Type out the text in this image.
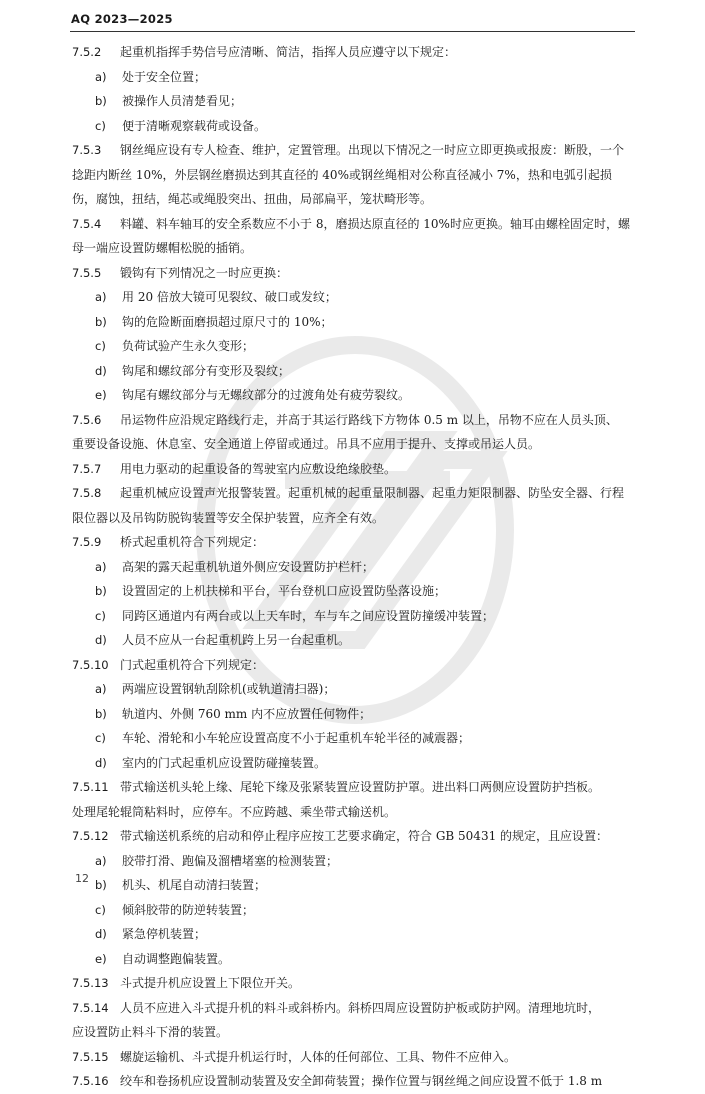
AQ 2023—2025
7.5.2 起重机指挥手势信号应清晰、简洁，指挥人员应遵守以下规定：
a) 处于安全位置；
b) 被操作人员清楚看见；
c) 便于清晰观察载荷或设备。
7.5.3 钢丝绳应设有专人检查、维护，定置管理。出现以下情况之一时应立即更换或报废：断股，一个
捻距内断丝 10%，外层钢丝磨损达到其直径的 40%或钢丝绳相对公称直径减小 7%，热和电弧引起损
伤，腐蚀，扭结，绳芯或绳股突出、扭曲，局部扁平，笼状畸形等。
7.5.4 料罐、料车轴耳的安全系数应不小于 8，磨损达原直径的 10%时应更换。轴耳由螺栓固定时，螺
母一端应设置防螺帽松脱的插销。
7.5.5 锻钩有下列情况之一时应更换：
a) 用 20 倍放大镜可见裂纹、破口或发纹；
b) 钩的危险断面磨损超过原尺寸的 10%；
c) 负荷试验产生永久变形；
d) 钩尾和螺纹部分有变形及裂纹；
e) 钩尾有螺纹部分与无螺纹部分的过渡角处有疲劳裂纹。
7.5.6 吊运物件应沿规定路线行走，并高于其运行路线下方物体 0.5 m 以上，吊物不应在人员头顶、
重要设备设施、休息室、安全通道上停留或通过。吊具不应用于提升、支撑或吊运人员。
7.5.7 用电力驱动的起重设备的驾驶室内应敷设绝缘胶垫。
7.5.8 起重机械应设置声光报警装置。起重机械的起重量限制器、起重力矩限制器、防坠安全器、行程
限位器以及吊钩防脱钩装置等安全保护装置，应齐全有效。
7.5.9 桥式起重机符合下列规定：
a) 高架的露天起重机轨道外侧应安设置防护栏杆；
b) 设置固定的上机扶梯和平台，平台登机口应设置防坠落设施；
c) 同跨区通道内有两台或以上天车时，车与车之间应设置防撞缓冲装置；
d) 人员不应从一台起重机跨上另一台起重机。
7.5.10 门式起重机符合下列规定：
a) 两端应设置钢轨刮除机(或轨道清扫器)；
b) 轨道内、外侧 760 mm 内不应放置任何物件；
c) 车轮、滑轮和小车轮应设置高度不小于起重机车轮半径的减震器；
d) 室内的门式起重机应设置防碰撞装置。
7.5.11 带式输送机头轮上缘、尾轮下缘及张紧装置应设置防护罩。进出料口两侧应设置防护挡板。
处理尾轮辊筒粘料时，应停车。不应跨越、乘坐带式输送机。
7.5.12 带式输送机系统的启动和停止程序应按工艺要求确定，符合 GB 50431 的规定，且应设置：
a) 胶带打滑、跑偏及溜槽堵塞的检测装置；
b) 机头、机尾自动清扫装置；
c) 倾斜胶带的防逆转装置；
d) 紧急停机装置；
e) 自动调整跑偏装置。
7.5.13 斗式提升机应设置上下限位开关。
7.5.14 人员不应进入斗式提升机的料斗或斜桥内。斜桥四周应设置防护板或防护网。清理地坑时，
应设置防止料斗下滑的装置。
7.5.15 螺旋运输机、斗式提升机运行时，人体的任何部位、工具、物件不应伸入。
7.5.16 绞车和卷扬机应设置制动装置及安全卸荷装置；操作位置与钢丝绳之间应设置不低于 1.8 m
12
